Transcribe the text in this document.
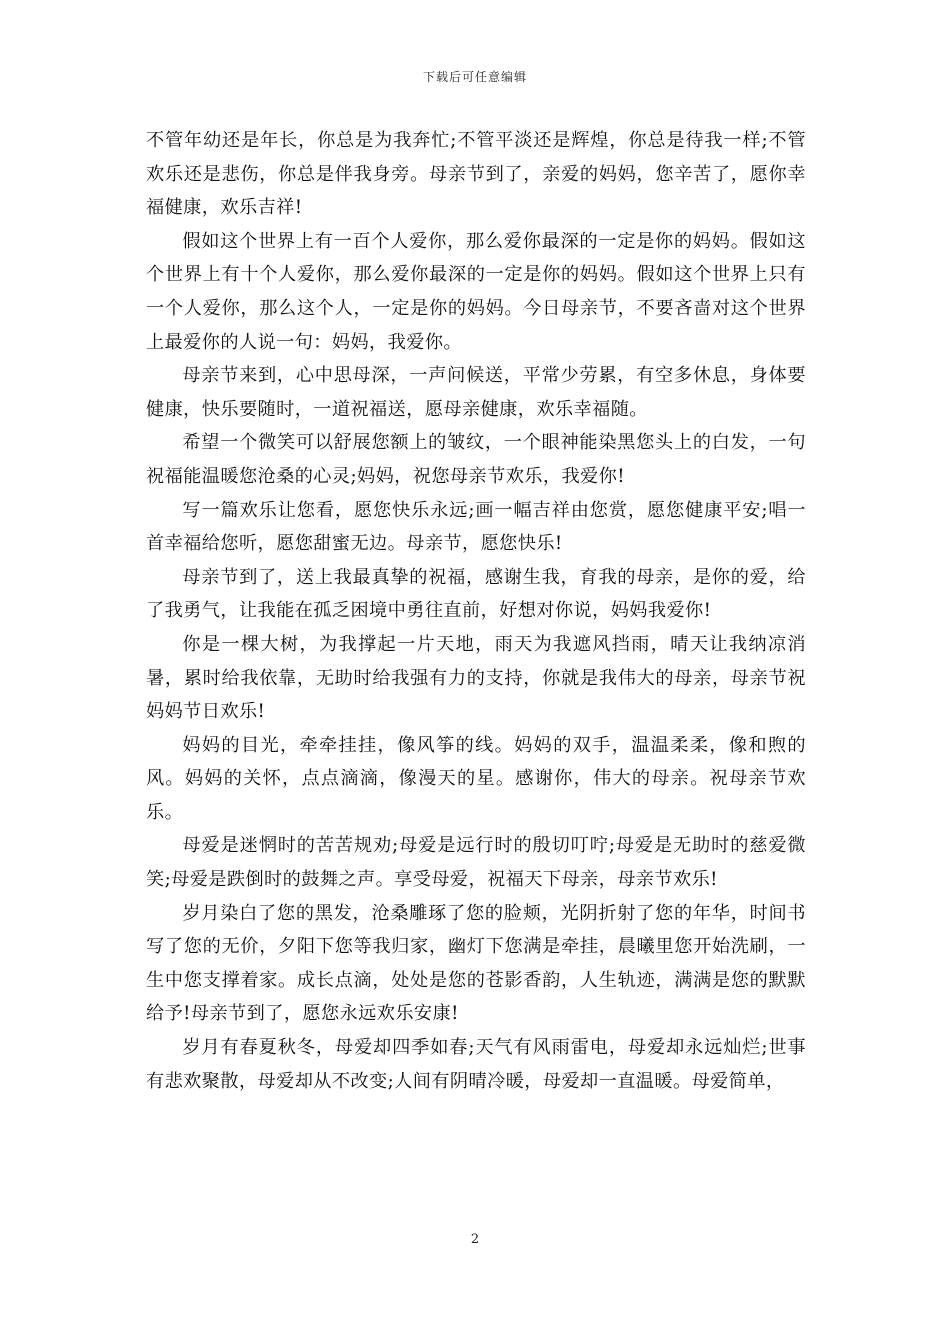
下载后可任意编辑

不管年幼还是年长，你总是为我奔忙;不管平淡还是辉煌，你总是待我一样;不管欢乐还是悲伤，你总是伴我身旁。母亲节到了，亲爱的妈妈，您辛苦了，愿你幸福健康，欢乐吉祥!

假如这个世界上有一百个人爱你，那么爱你最深的一定是你的妈妈。假如这个世界上有十个人爱你，那么爱你最深的一定是你的妈妈。假如这个世界上只有一个人爱你，那么这个人，一定是你的妈妈。今日母亲节，不要吝啬对这个世界上最爱你的人说一句：妈妈，我爱你。

母亲节来到，心中思母深，一声问候送，平常少劳累，有空多休息，身体要健康，快乐要随时，一道祝福送，愿母亲健康，欢乐幸福随。

希望一个微笑可以舒展您额上的皱纹，一个眼神能染黑您头上的白发，一句祝福能温暖您沧桑的心灵;妈妈，祝您母亲节欢乐，我爱你!

写一篇欢乐让您看，愿您快乐永远;画一幅吉祥由您赏，愿您健康平安;唱一首幸福给您听，愿您甜蜜无边。母亲节，愿您快乐!

母亲节到了，送上我最真挚的祝福，感谢生我，育我的母亲，是你的爱，给了我勇气，让我能在孤乏困境中勇往直前，好想对你说，妈妈我爱你!

你是一棵大树，为我撑起一片天地，雨天为我遮风挡雨，晴天让我纳凉消暑，累时给我依靠，无助时给我强有力的支持，你就是我伟大的母亲，母亲节祝妈妈节日欢乐!

妈妈的目光，牵牵挂挂，像风筝的线。妈妈的双手，温温柔柔，像和煦的风。妈妈的关怀，点点滴滴，像漫天的星。感谢你，伟大的母亲。祝母亲节欢乐。

母爱是迷惘时的苦苦规劝;母爱是远行时的殷切叮咛;母爱是无助时的慈爱微笑;母爱是跌倒时的鼓舞之声。享受母爱，祝福天下母亲，母亲节欢乐!

岁月染白了您的黑发，沧桑雕琢了您的脸颊，光阴折射了您的年华，时间书写了您的无价，夕阳下您等我归家，幽灯下您满是牵挂，晨曦里您开始洗刷，一生中您支撑着家。成长点滴，处处是您的苍影香韵，人生轨迹，满满是您的默默给予!母亲节到了，愿您永远欢乐安康!

岁月有春夏秋冬，母爱却四季如春;天气有风雨雷电，母爱却永远灿烂;世事有悲欢聚散，母爱却从不改变;人间有阴晴冷暖，母爱却一直温暖。母爱简单，

2
